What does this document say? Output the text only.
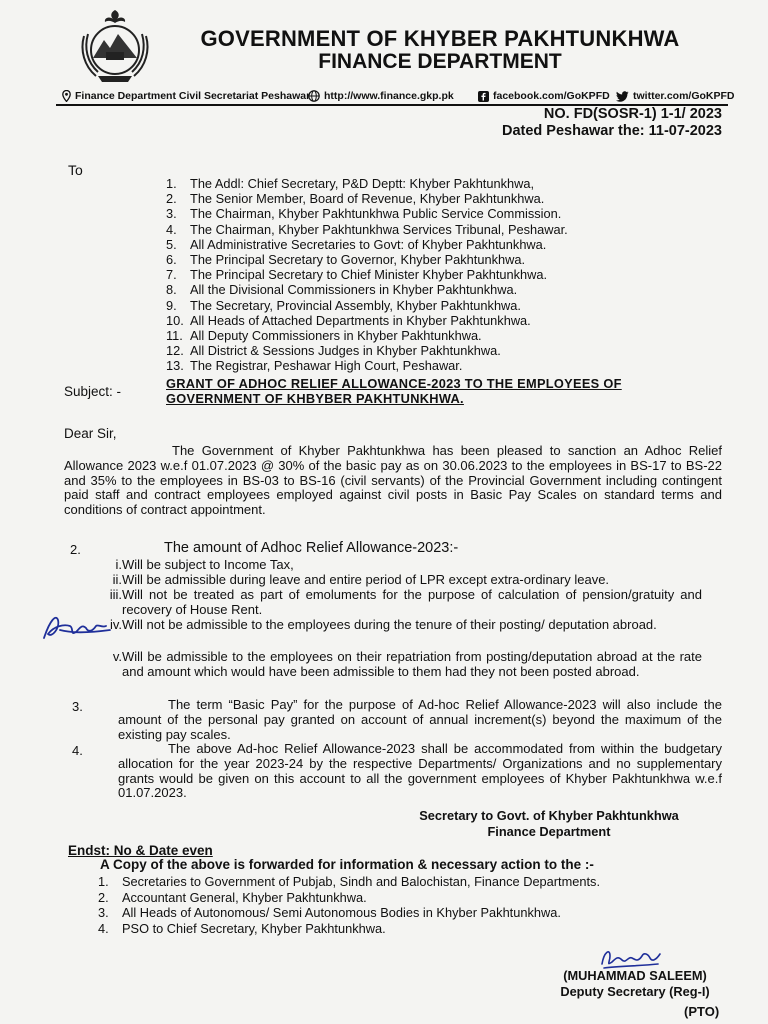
GOVERNMENT OF KHYBER PAKHTUNKHWA
FINANCE DEPARTMENT
Finance Department Civil Secretariat Peshawar http://www.finance.gkp.pk	facebook.com/GoKPFD twitter.com/GoKPFD
NO. FD(SOSR-1) 1-1/ 2023
Dated Peshawar the: 11-07-2023
To
1. The Addl: Chief Secretary, P&D Deptt: Khyber Pakhtunkhwa,
2. The Senior Member, Board of Revenue, Khyber Pakhtunkhwa.
3. The Chairman, Khyber Pakhtunkhwa Public Service Commission.
4. The Chairman, Khyber Pakhtunkhwa Services Tribunal, Peshawar.
5. All Administrative Secretaries to Govt: of Khyber Pakhtunkhwa.
6. The Principal Secretary to Governor, Khyber Pakhtunkhwa.
7. The Principal Secretary to Chief Minister Khyber Pakhtunkhwa.
8. All the Divisional Commissioners in Khyber Pakhtunkhwa.
9. The Secretary, Provincial Assembly, Khyber Pakhtunkhwa.
10. All Heads of Attached Departments in Khyber Pakhtunkhwa.
11. All Deputy Commissioners in Khyber Pakhtunkhwa.
12. All District & Sessions Judges in Khyber Pakhtunkhwa.
13. The Registrar, Peshawar High Court, Peshawar.
Subject: -
GRANT OF ADHOC RELIEF ALLOWANCE-2023 TO THE EMPLOYEES OF
GOVERNMENT OF KHBYBER PAKHTUNKHWA.
Dear Sir,
The Government of Khyber Pakhtunkhwa has been pleased to sanction an Adhoc Relief Allowance 2023 w.e.f 01.07.2023 @ 30% of the basic pay as on 30.06.2023 to the employees in BS-17 to BS-22 and 35% to the employees in BS-03 to BS-16 (civil servants) of the Provincial Government including contingent paid staff and contract employees employed against civil posts in Basic Pay Scales on standard terms and conditions of contract appointment.
2.	The amount of Adhoc Relief Allowance-2023:-
i. Will be subject to Income Tax,
ii. Will be admissible during leave and entire period of LPR except extra-ordinary leave.
iii. Will not be treated as part of emoluments for the purpose of calculation of pension/gratuity and recovery of House Rent.
iv. Will not be admissible to the employees during the tenure of their posting/ deputation abroad.
v. Will be admissible to the employees on their repatriation from posting/deputation abroad at the rate and amount which would have been admissible to them had they not been posted abroad.
3.	The term “Basic Pay” for the purpose of Ad-hoc Relief Allowance-2023 will also include the amount of the personal pay granted on account of annual increment(s) beyond the maximum of the existing pay scales.
4.	The above Ad-hoc Relief Allowance-2023 shall be accommodated from within the budgetary allocation for the year 2023-24 by the respective Departments/ Organizations and no supplementary grants would be given on this account to all the government employees of Khyber Pakhtunkhwa w.e.f 01.07.2023.
Secretary to Govt. of Khyber Pakhtunkhwa
Finance Department
Endst: No & Date even
A Copy of the above is forwarded for information & necessary action to the :-
1. Secretaries to Government of Pubjab, Sindh and Balochistan, Finance Departments.
2. Accountant General, Khyber Pakhtunkhwa.
3. All Heads of Autonomous/ Semi Autonomous Bodies in Khyber Pakhtunkhwa.
4. PSO to Chief Secretary, Khyber Pakhtunkhwa.
(MUHAMMAD SALEEM)
Deputy Secretary (Reg-I)
(PTO)
